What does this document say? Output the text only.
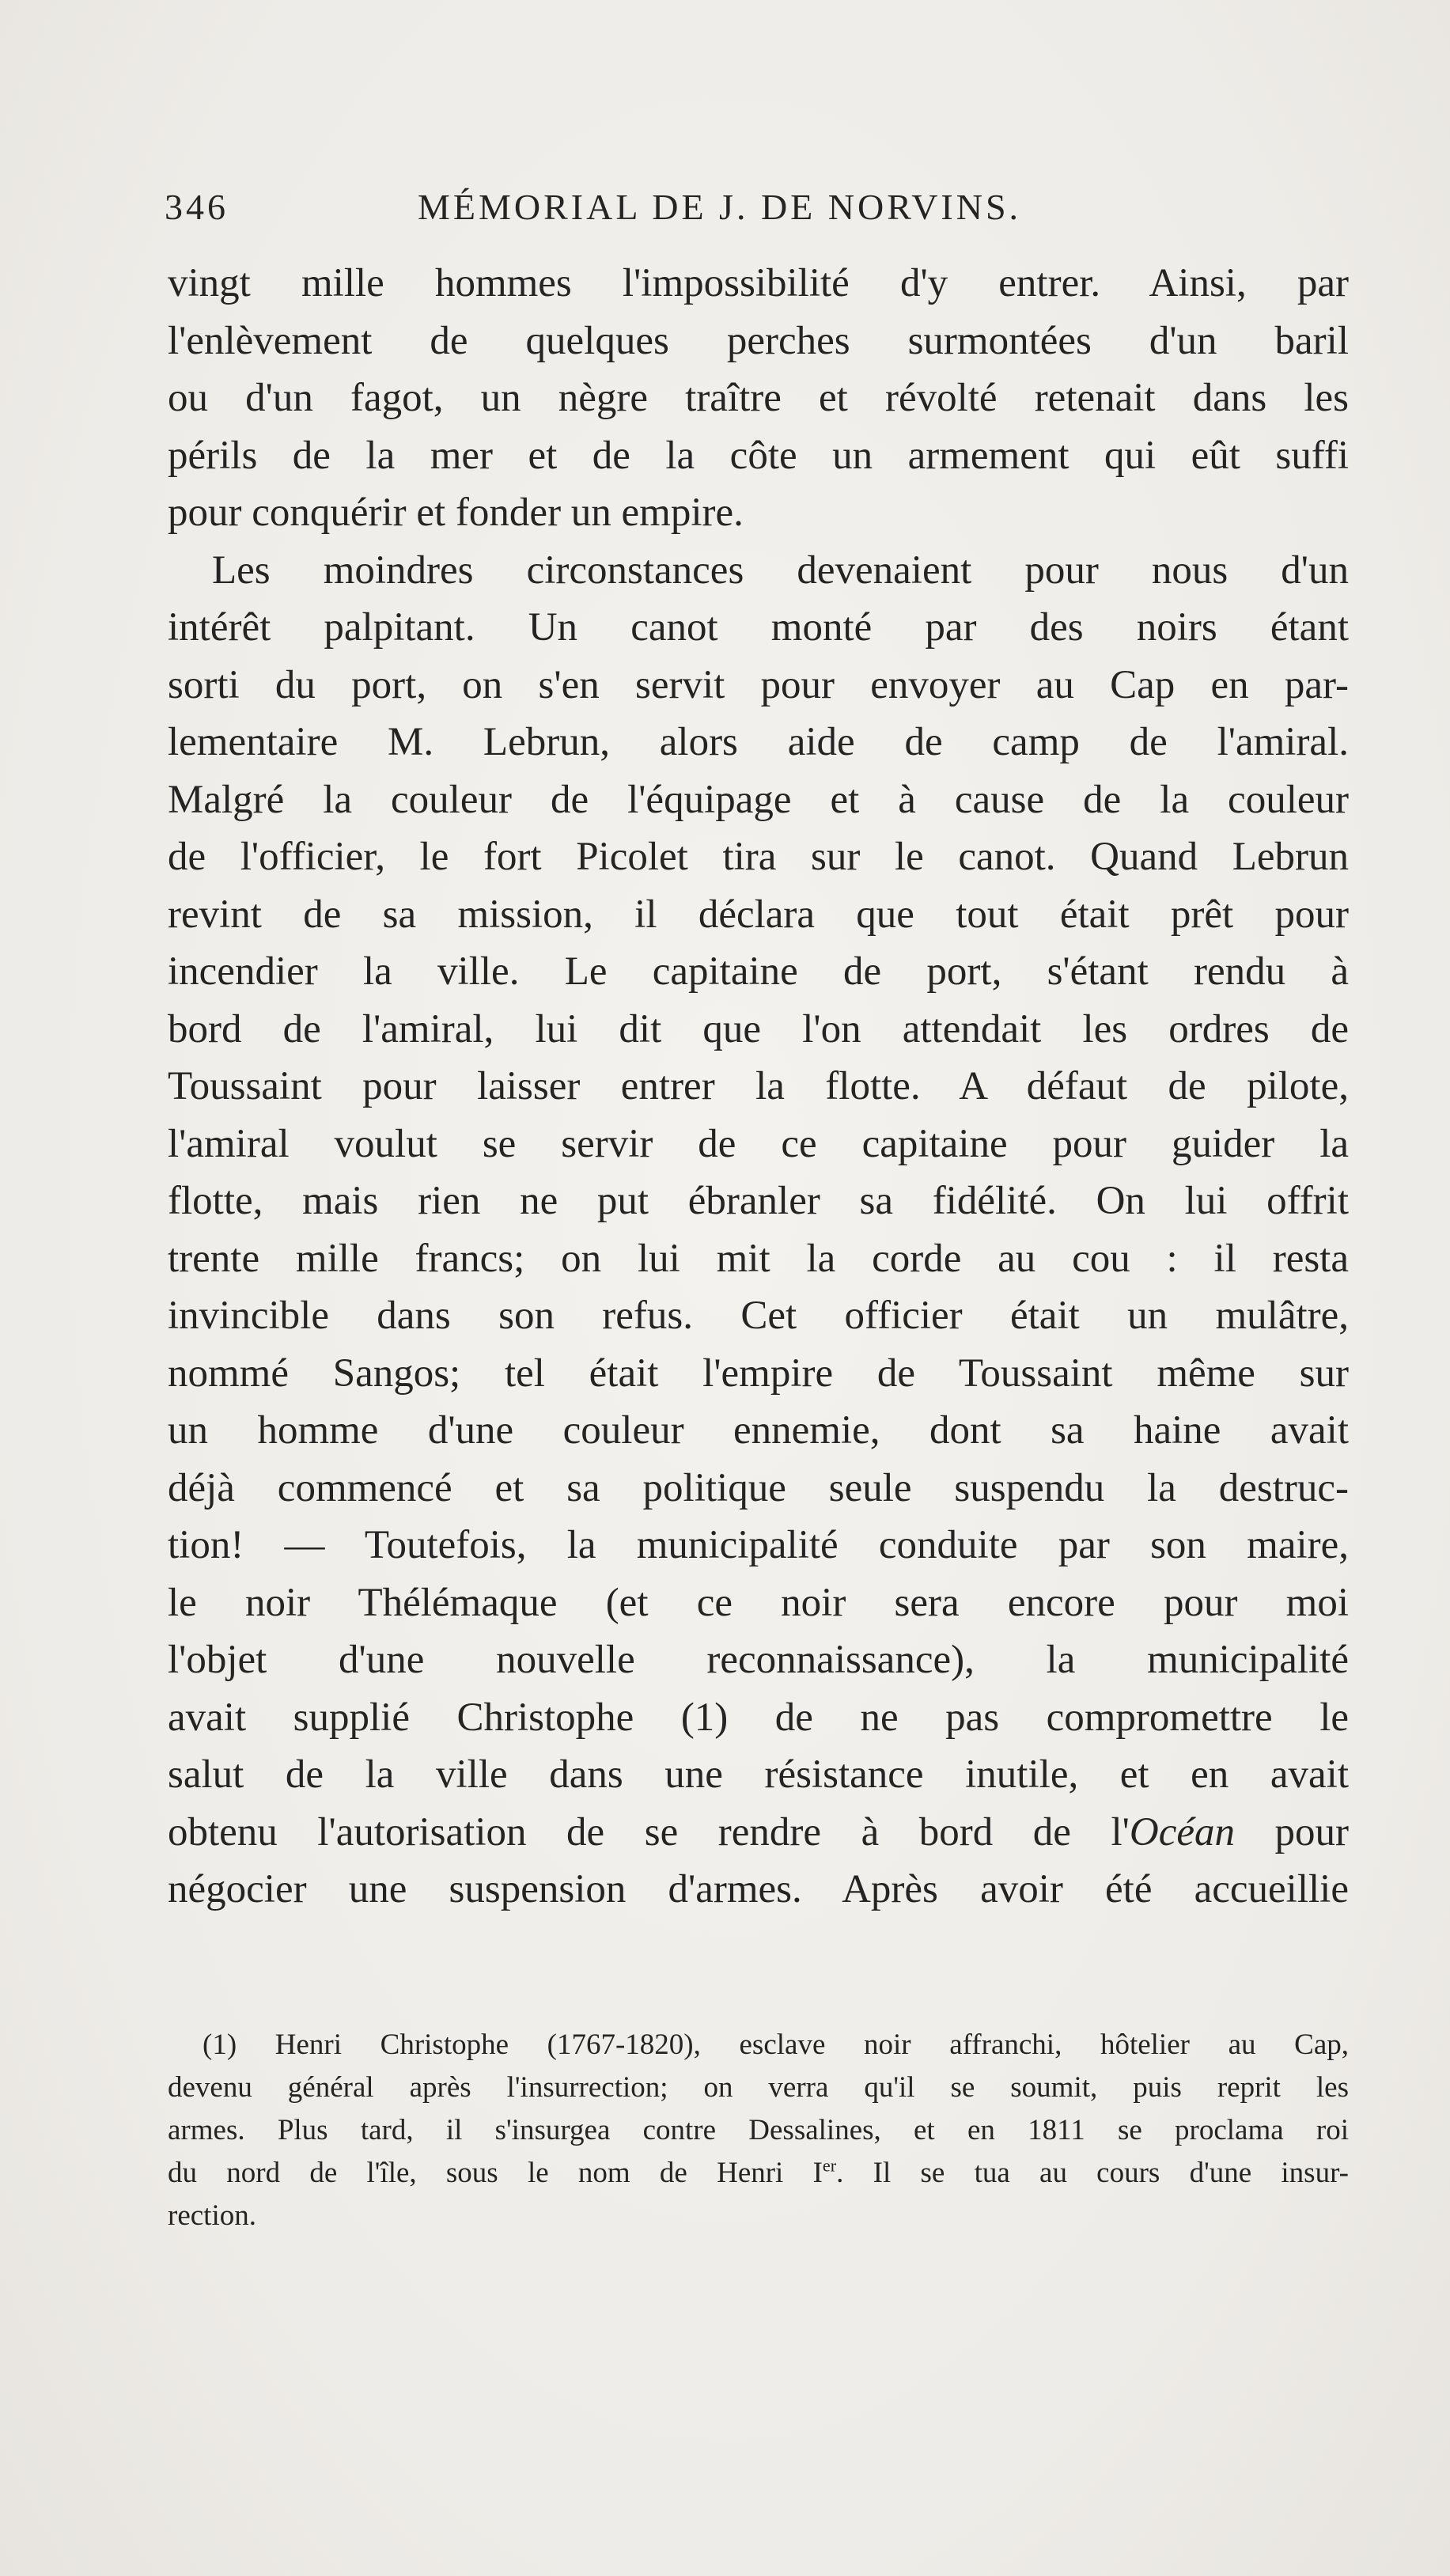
346	MÉMORIAL DE J. DE NORVINS.
vingt mille hommes l'impossibilité d'y entrer. Ainsi, par
l'enlèvement de quelques perches surmontées d'un baril
ou d'un fagot, un nègre traître et révolté retenait dans les
périls de la mer et de la côte un armement qui eût suffi
pour conquérir et fonder un empire.
Les moindres circonstances devenaient pour nous d'un
intérêt palpitant. Un canot monté par des noirs étant
sorti du port, on s'en servit pour envoyer au Cap en par-
lementaire M. Lebrun, alors aide de camp de l'amiral.
Malgré la couleur de l'équipage et à cause de la couleur
de l'officier, le fort Picolet tira sur le canot. Quand Lebrun
revint de sa mission, il déclara que tout était prêt pour
incendier la ville. Le capitaine de port, s'étant rendu à
bord de l'amiral, lui dit que l'on attendait les ordres de
Toussaint pour laisser entrer la flotte. A défaut de pilote,
l'amiral voulut se servir de ce capitaine pour guider la
flotte, mais rien ne put ébranler sa fidélité. On lui offrit
trente mille francs; on lui mit la corde au cou : il resta
invincible dans son refus. Cet officier était un mulâtre,
nommé Sangos; tel était l'empire de Toussaint même sur
un homme d'une couleur ennemie, dont sa haine avait
déjà commencé et sa politique seule suspendu la destruc-
tion! — Toutefois, la municipalité conduite par son maire,
le noir Thélémaque (et ce noir sera encore pour moi
l'objet d'une nouvelle reconnaissance), la municipalité
avait supplié Christophe (1) de ne pas compromettre le
salut de la ville dans une résistance inutile, et en avait
obtenu l'autorisation de se rendre à bord de l'Océan pour
négocier une suspension d'armes. Après avoir été accueillie
(1) Henri Christophe (1767-1820), esclave noir affranchi, hôtelier au Cap,
devenu général après l'insurrection; on verra qu'il se soumit, puis reprit les
armes. Plus tard, il s'insurgea contre Dessalines, et en 1811 se proclama roi
du nord de l'île, sous le nom de Henri Ier. Il se tua au cours d'une insur-
rection.
